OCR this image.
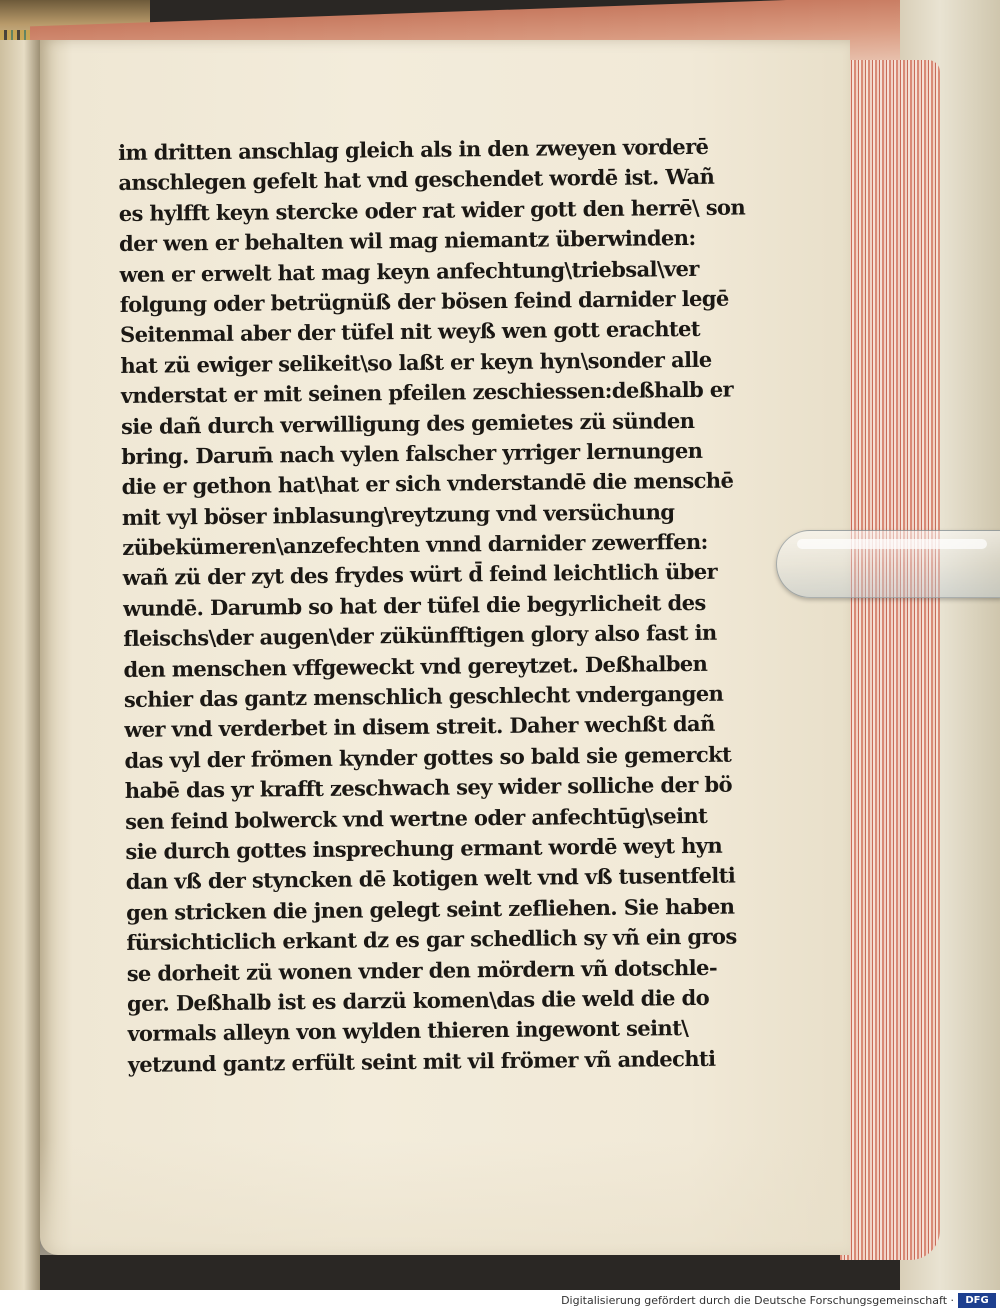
im dritten anschlag gleich als in den zweyen vorderē
anschlegen gefelt hat vnd geschendet wordē ist. Wañ
es hylfft keyn stercke oder rat wider gott den herrē\ son
der wen er behalten wil mag niemantz überwinden:
wen er erwelt hat mag keyn anfechtung\triebsal\ver
folgung oder betrügnüß der bösen feind darnider legē
Seitenmal aber der tüfel nit weyß wen gott erachtet
hat zü ewiger selikeit\so laßt er keyn hyn\sonder alle
vnderstat er mit seinen pfeilen zeschiessen:deßhalb er
sie dañ durch verwilligung des gemietes zü sünden
bring. Darum̄ nach vylen falscher yrriger lernungen
die er gethon hat\hat er sich vnderstandē die menschē
mit vyl böser inblasung\reytzung vnd versüchung
zübekümeren\anzefechten vnnd darnider zewerffen:
wañ zü der zyt des frydes würt d̄ feind leichtlich über
wundē. Darumb so hat der tüfel die begyrlicheit des
fleischs\der augen\der zükünfftigen glory also fast in
den menschen vffgeweckt vnd gereytzet. Deßhalben
schier das gantz menschlich geschlecht vndergangen
wer vnd verderbet in disem streit. Daher wechßt dañ
das vyl der frömen kynder gottes so bald sie gemerckt
habē das yr krafft zeschwach sey wider solliche der bö
sen feind bolwerck vnd wertne oder anfechtūg\seint
sie durch gottes insprechung ermant wordē weyt hyn
dan vß der styncken dē kotigen welt vnd vß tusentfelti
gen stricken die jnen gelegt seint zefliehen. Sie haben
fürsichticlich erkant dz es gar schedlich sy vñ ein gros
se dorheit zü wonen vnder den mördern vñ dotschle-
ger. Deßhalb ist es darzü komen\das die weld die do
vormals alleyn von wylden thieren ingewont seint\
yetzund gantz erfült seint mit vil frömer vñ andechti
Digitalisierung gefördert durch die Deutsche Forschungsgemeinschaft ·	DFG
